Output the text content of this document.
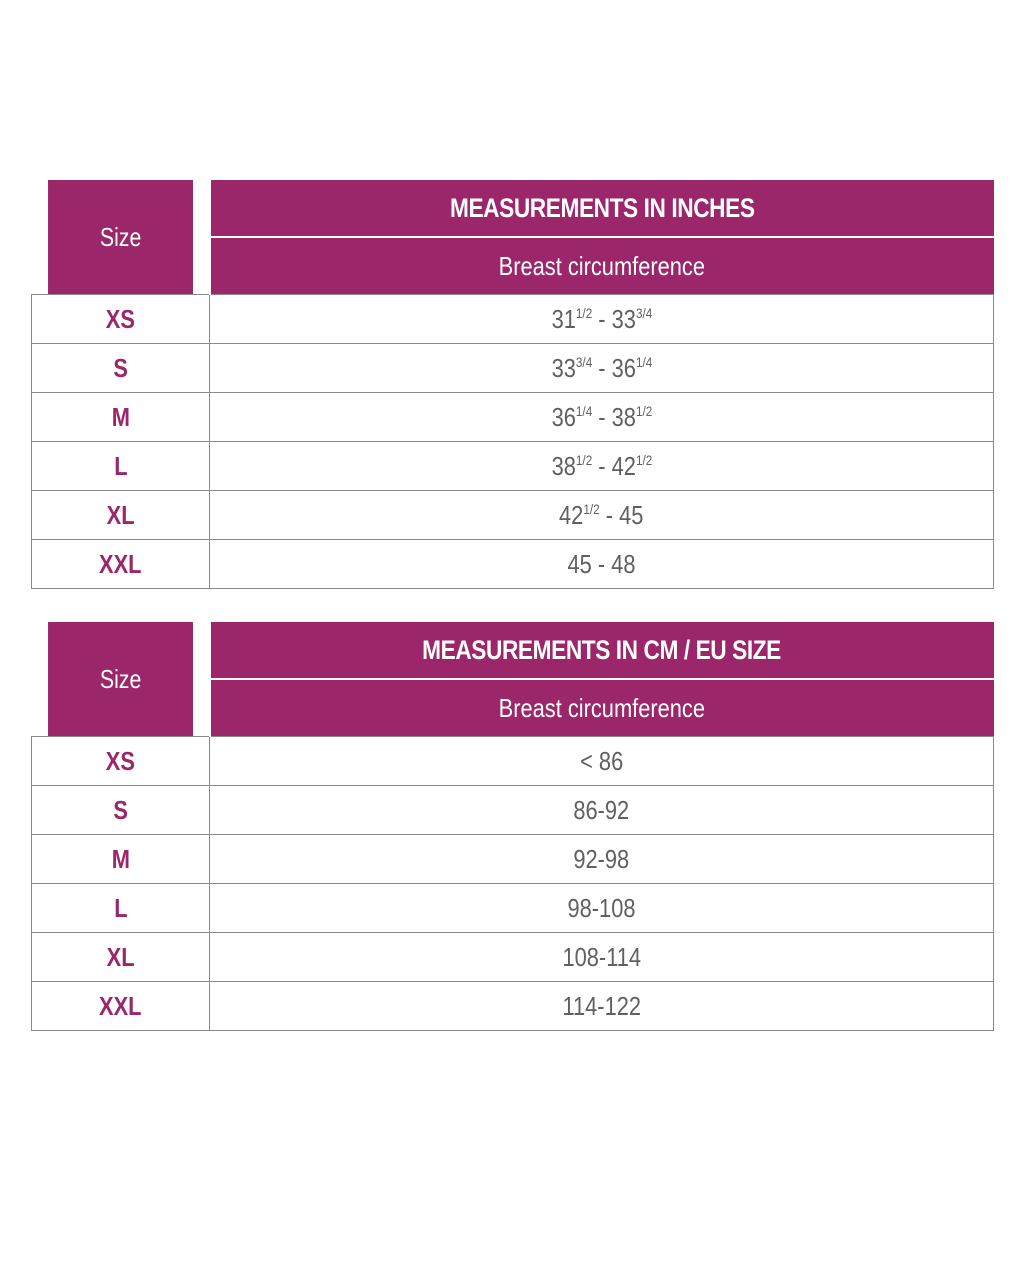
Size	MEASUREMENTS IN INCHES
	Breast circumference
XS	$31^{1/2} - 33^{3/4}$
S	$33^{3/4} - 36^{1/4}$
M	$36^{1/4} - 38^{1/2}$
L	$38^{1/2} - 42^{1/2}$
XL	$42^{1/2} - 45$
XXL	45 - 48
Size	MEASUREMENTS IN CM / EU SIZE
	Breast circumference
XS	< 86
S	86-92
M	92-98
L	98-108
XL	108-114
XXL	114-122
